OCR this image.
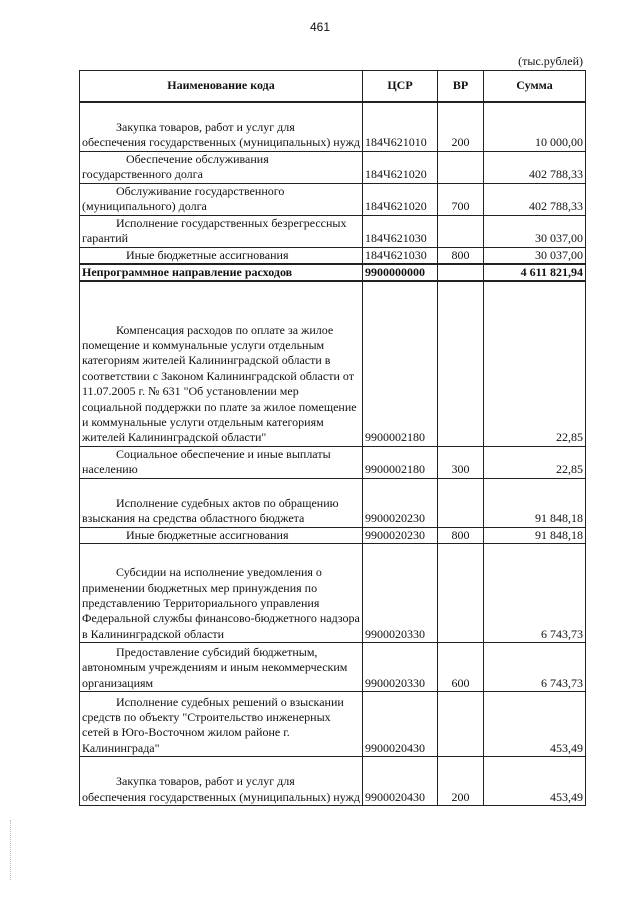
461
(тыс.рублей)
Наименование кода	ЦСР	ВР	Сумма
Закупка товаров, работ и услуг для обеспечения государственных (муниципальных) нужд	184Ч621010	200	10 000,00
Обеспечение обслуживания государственного долга	184Ч621020		402 788,33
Обслуживание государственного (муниципального) долга	184Ч621020	700	402 788,33
Исполнение государственных безрегрессных гарантий	184Ч621030		30 037,00
Иные бюджетные ассигнования	184Ч621030	800	30 037,00
Непрограммное направление расходов	9900000000		4 611 821,94
Компенсация расходов по оплате за жилое помещение и коммунальные услуги отдельным категориям жителей Калининградской области в соответствии с Законом Калининградской области от 11.07.2005 г. № 631 "Об установлении мер социальной поддержки по плате за жилое помещение и коммунальные услуги отдельным категориям жителей Калининградской области"	9900002180		22,85
Социальное обеспечение и иные выплаты населению	9900002180	300	22,85
Исполнение судебных актов по обращению взыскания на средства областного бюджета	9900020230		91 848,18
Иные бюджетные ассигнования	9900020230	800	91 848,18
Субсидии на исполнение уведомления о применении бюджетных мер принуждения по представлению Территориального управления Федеральной службы финансово-бюджетного надзора в Калининградской области	9900020330		6 743,73
Предоставление субсидий бюджетным, автономным учреждениям и иным некоммерческим организациям	9900020330	600	6 743,73
Исполнение судебных решений о взыскании средств по объекту "Строительство инженерных сетей в Юго-Восточном жилом районе г. Калининграда"	9900020430		453,49
Закупка товаров, работ и услуг для обеспечения государственных (муниципальных) нужд	9900020430	200	453,49
